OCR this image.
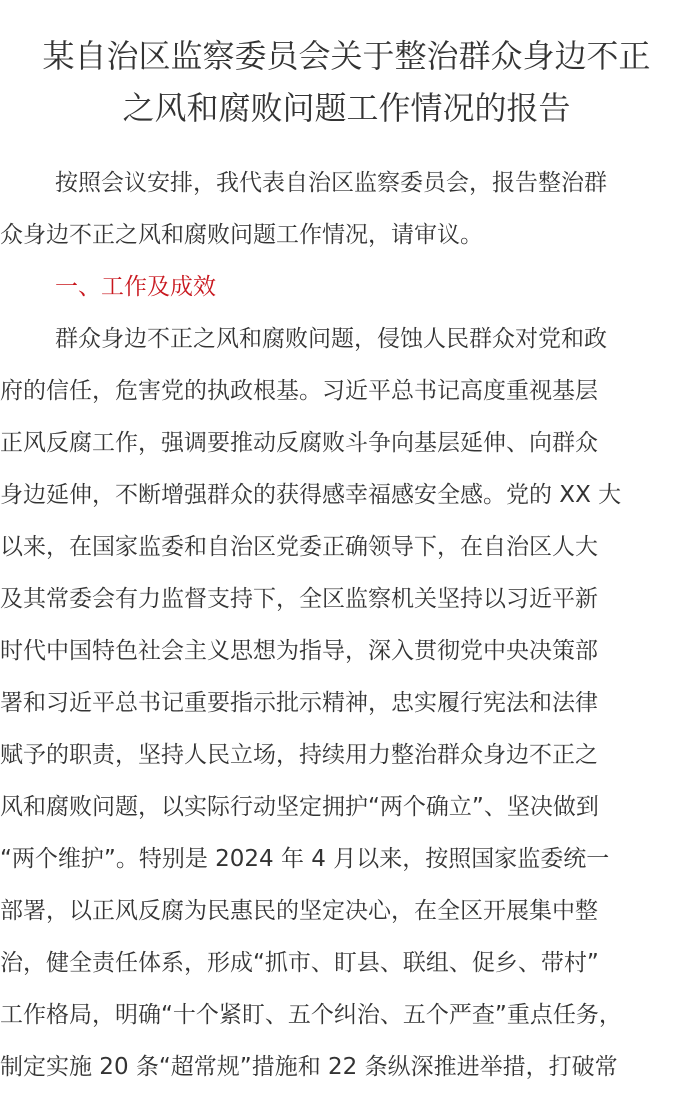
某自治区监察委员会关于整治群众身边不正
之风和腐败问题工作情况的报告
按照会议安排，我代表自治区监察委员会，报告整治群
众身边不正之风和腐败问题工作情况，请审议。
一、工作及成效
群众身边不正之风和腐败问题，侵蚀人民群众对党和政
府的信任，危害党的执政根基。习近平总书记高度重视基层
正风反腐工作，强调要推动反腐败斗争向基层延伸、向群众
身边延伸，不断增强群众的获得感幸福感安全感。党的 XX 大
以来，在国家监委和自治区党委正确领导下，在自治区人大
及其常委会有力监督支持下，全区监察机关坚持以习近平新
时代中国特色社会主义思想为指导，深入贯彻党中央决策部
署和习近平总书记重要指示批示精神，忠实履行宪法和法律
赋予的职责，坚持人民立场，持续用力整治群众身边不正之
风和腐败问题，以实际行动坚定拥护“两个确立”、坚决做到
“两个维护”。特别是 2024 年 4 月以来，按照国家监委统一
部署，以正风反腐为民惠民的坚定决心，在全区开展集中整
治，健全责任体系，形成“抓市、盯县、联组、促乡、带村”
工作格局，明确“十个紧盯、五个纠治、五个严查”重点任务，
制定实施 20 条“超常规”措施和 22 条纵深推进举措，打破常
